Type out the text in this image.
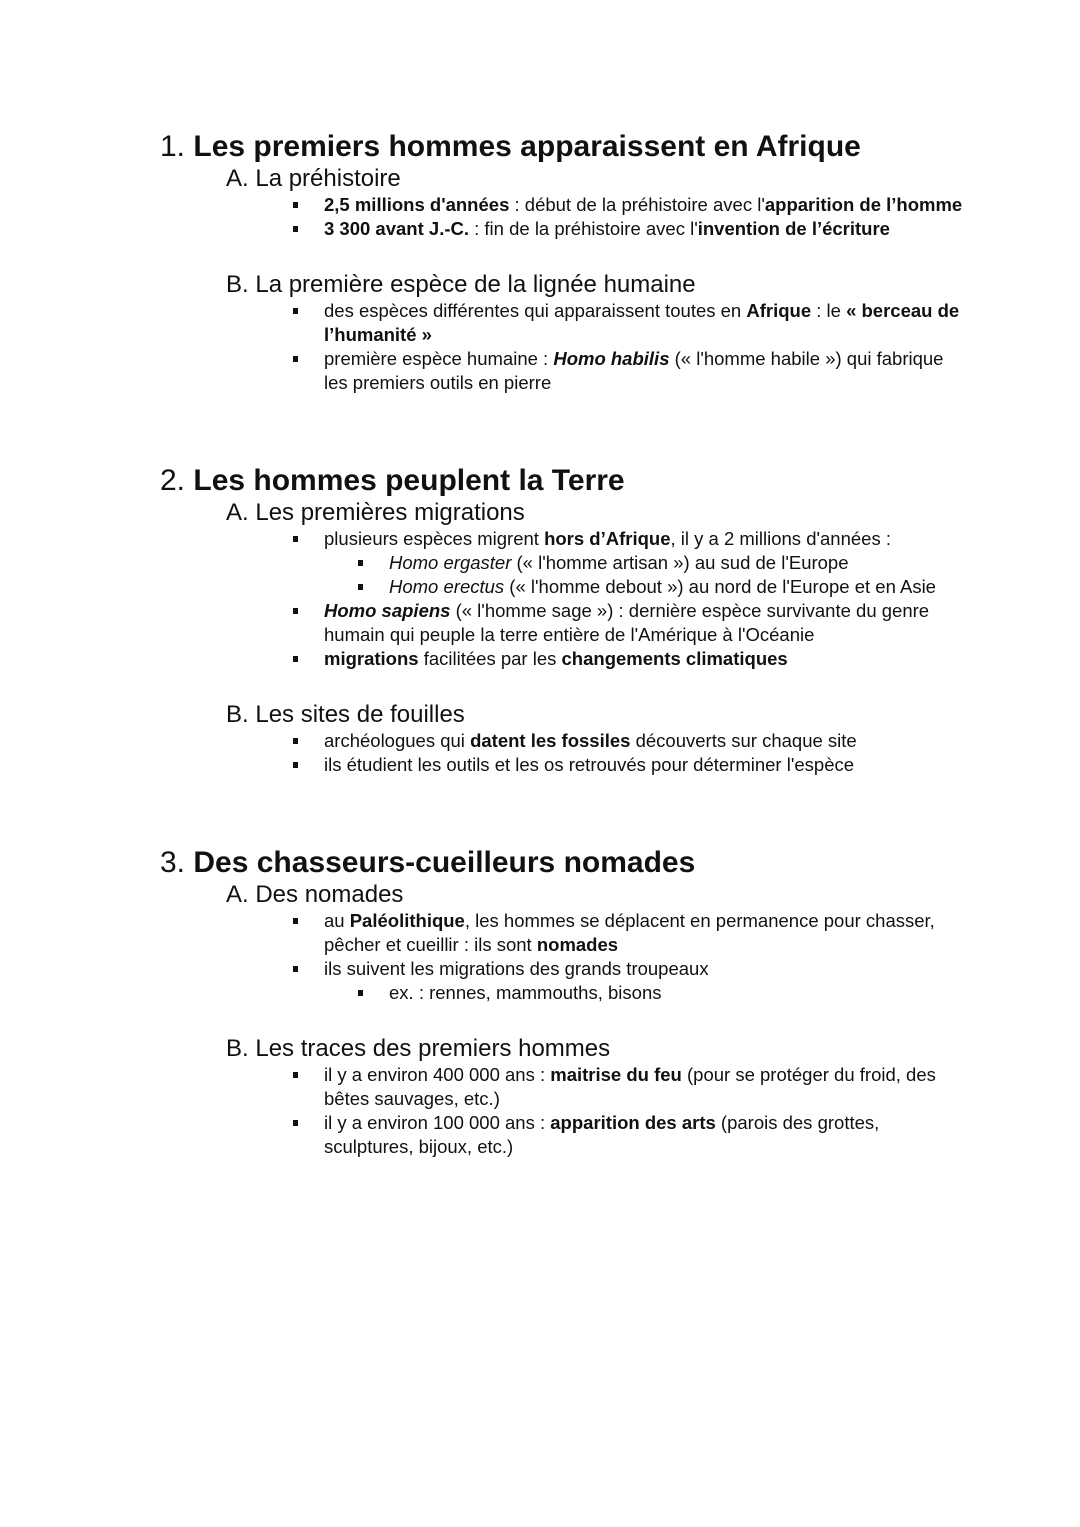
1. Les premiers hommes apparaissent en Afrique
A. La préhistoire
2,5 millions d'années : début de la préhistoire avec l'apparition de l’homme
3 300 avant J.-C. : fin de la préhistoire avec l'invention de l’écriture
B. La première espèce de la lignée humaine
des espèces différentes qui apparaissent toutes en Afrique : le « berceau de l’humanité »
première espèce humaine : Homo habilis (« l'homme habile ») qui fabrique les premiers outils en pierre
2. Les hommes peuplent la Terre
A. Les premières migrations
plusieurs espèces migrent hors d’Afrique, il y a 2 millions d'années :
Homo ergaster (« l'homme artisan ») au sud de l'Europe
Homo erectus (« l'homme debout ») au nord de l'Europe et en Asie
Homo sapiens (« l'homme sage ») : dernière espèce survivante du genre humain qui peuple la terre entière de l'Amérique à l'Océanie
migrations facilitées par les changements climatiques
B. Les sites de fouilles
archéologues qui datent les fossiles découverts sur chaque site
ils étudient les outils et les os retrouvés pour déterminer l'espèce
3. Des chasseurs-cueilleurs nomades
A. Des nomades
au Paléolithique, les hommes se déplacent en permanence pour chasser, pêcher et cueillir : ils sont nomades
ils suivent les migrations des grands troupeaux
ex. : rennes, mammouths, bisons
B. Les traces des premiers hommes
il y a environ 400 000 ans : maitrise du feu (pour se protéger du froid, des bêtes sauvages, etc.)
il y a environ 100 000 ans : apparition des arts (parois des grottes, sculptures, bijoux, etc.)
